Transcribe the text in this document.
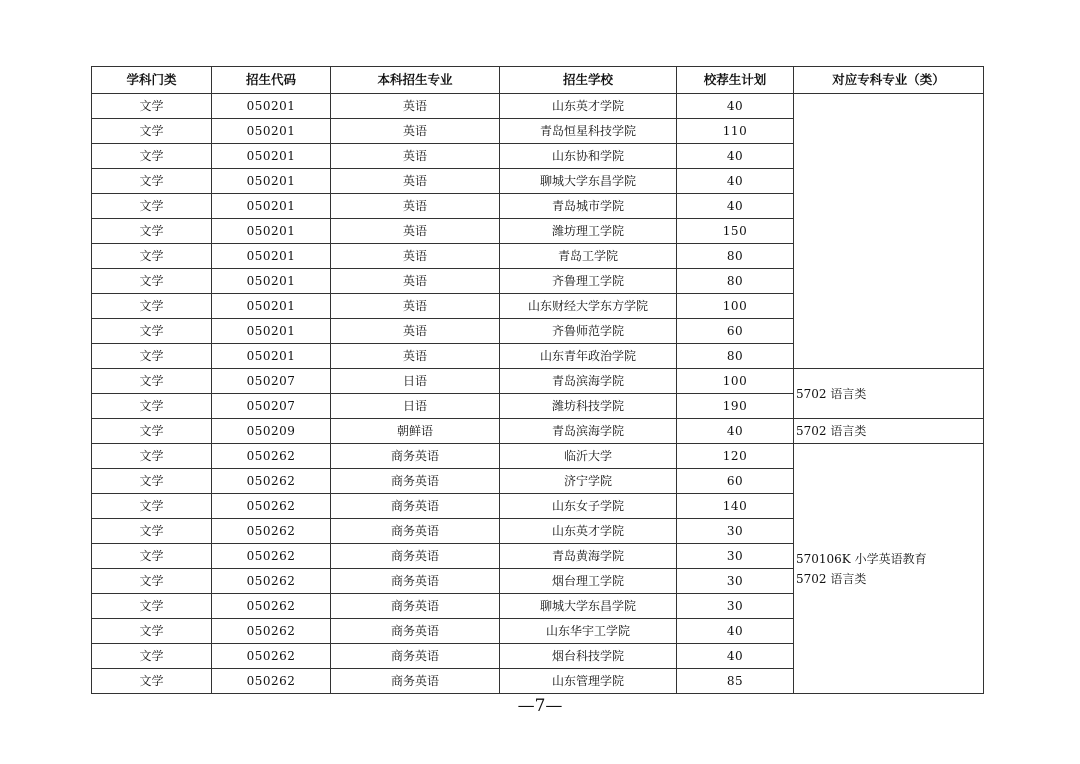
学科门类	招生代码	本科招生专业	招生学校	校荐生计划	对应专科专业（类）
文学	050201	英语	山东英才学院	40	
文学	050201	英语	青岛恒星科技学院	110	
文学	050201	英语	山东协和学院	40	
文学	050201	英语	聊城大学东昌学院	40	
文学	050201	英语	青岛城市学院	40	
文学	050201	英语	潍坊理工学院	150	
文学	050201	英语	青岛工学院	80	
文学	050201	英语	齐鲁理工学院	80	
文学	050201	英语	山东财经大学东方学院	100	
文学	050201	英语	齐鲁师范学院	60	
文学	050201	英语	山东青年政治学院	80	
文学	050207	日语	青岛滨海学院	100	5702 语言类

文学	050207	日语	潍坊科技学院	190	
文学	050209	朝鲜语	青岛滨海学院	40	5702 语言类

文学	050262	商务英语	临沂大学	120	570106K 小学英语教育
5702 语言类

文学	050262	商务英语	济宁学院	60	
文学	050262	商务英语	山东女子学院	140	
文学	050262	商务英语	山东英才学院	30	
文学	050262	商务英语	青岛黄海学院	30	
文学	050262	商务英语	烟台理工学院	30	
文学	050262	商务英语	聊城大学东昌学院	30	
文学	050262	商务英语	山东华宇工学院	40	
文学	050262	商务英语	烟台科技学院	40	
文学	050262	商务英语	山东管理学院	85	
—7—
